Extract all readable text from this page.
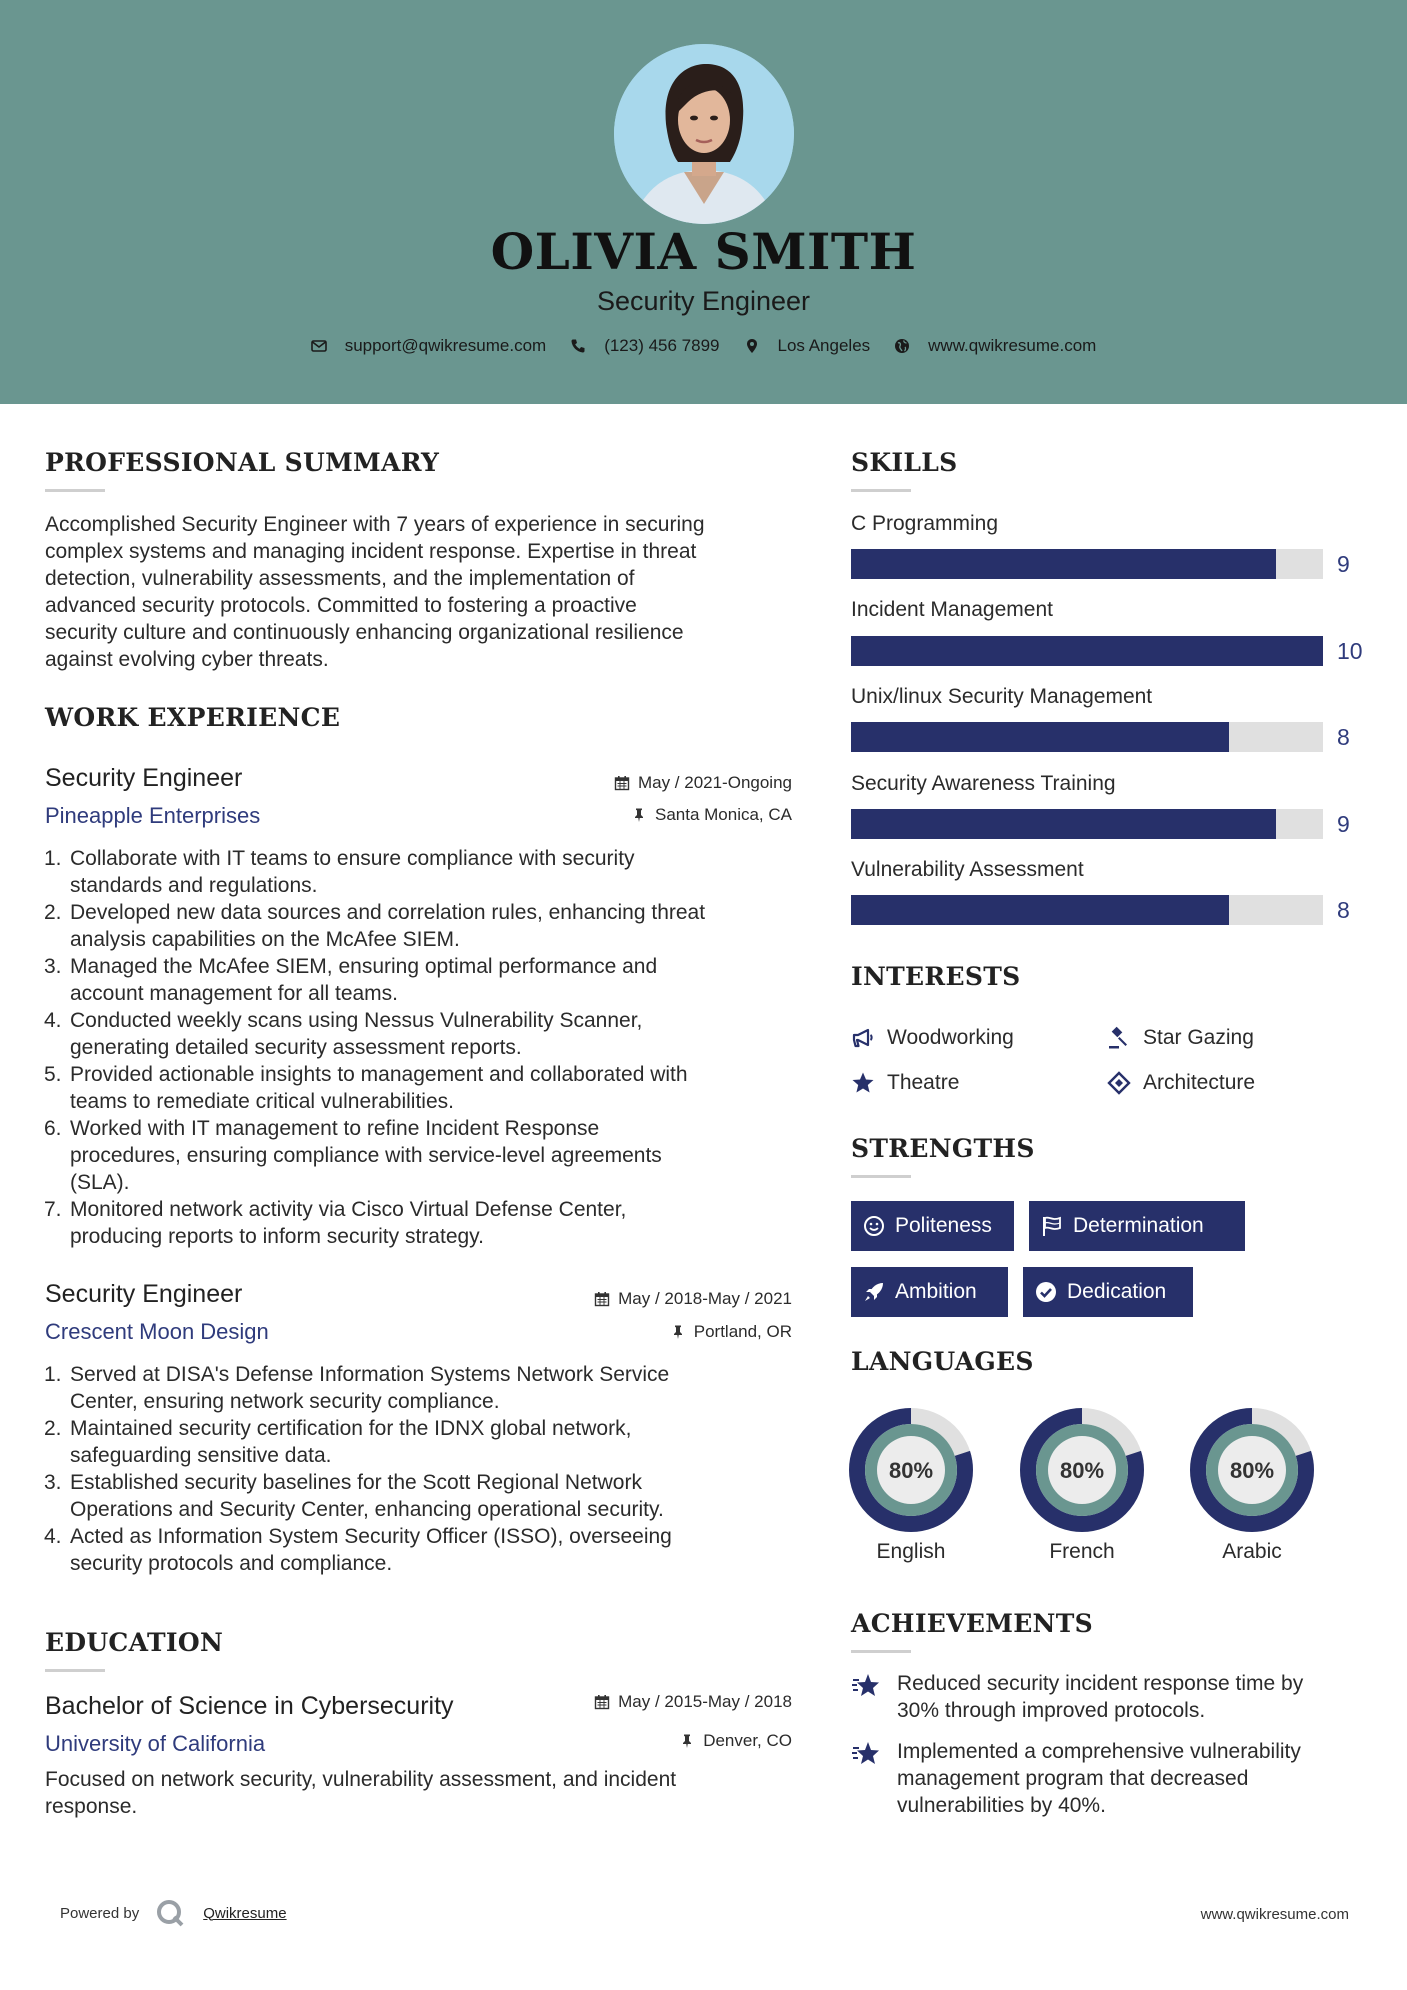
OLIVIA SMITH
Security Engineer
support@qwikresume.com	(123) 456 7899	Los Angeles	www.qwikresume.com
PROFESSIONAL SUMMARY
Accomplished Security Engineer with 7 years of experience in securing
complex systems and managing incident response. Expertise in threat
detection, vulnerability assessments, and the implementation of
advanced security protocols. Committed to fostering a proactive
security culture and continuously enhancing organizational resilience
against evolving cyber threats.
WORK EXPERIENCE
Security Engineer	May / 2021-Ongoing
Pineapple Enterprises	Santa Monica, CA
1. Collaborate with IT teams to ensure compliance with security
standards and regulations.
2. Developed new data sources and correlation rules, enhancing threat
analysis capabilities on the McAfee SIEM.
3. Managed the McAfee SIEM, ensuring optimal performance and
account management for all teams.
4. Conducted weekly scans using Nessus Vulnerability Scanner,
generating detailed security assessment reports.
5. Provided actionable insights to management and collaborated with
teams to remediate critical vulnerabilities.
6. Worked with IT management to refine Incident Response
procedures, ensuring compliance with service-level agreements
(SLA).
7. Monitored network activity via Cisco Virtual Defense Center,
producing reports to inform security strategy.
Security Engineer	May / 2018-May / 2021
Crescent Moon Design	Portland, OR
1. Served at DISA's Defense Information Systems Network Service
Center, ensuring network security compliance.
2. Maintained security certification for the IDNX global network,
safeguarding sensitive data.
3. Established security baselines for the Scott Regional Network
Operations and Security Center, enhancing operational security.
4. Acted as Information System Security Officer (ISSO), overseeing
security protocols and compliance.
EDUCATION
Bachelor of Science in Cybersecurity	May / 2015-May / 2018
University of California	Denver, CO
Focused on network security, vulnerability assessment, and incident
response.
SKILLS
C Programming
9
Incident Management
10
Unix/linux Security Management
8
Security Awareness Training
9
Vulnerability Assessment
8
INTERESTS
Woodworking	Star Gazing
Theatre	Architecture
STRENGTHS
Politeness	Determination
Ambition	Dedication
LANGUAGES
80%
English
80%
French
80%
Arabic
ACHIEVEMENTS
Reduced security incident response time by
30% through improved protocols.
Implemented a comprehensive vulnerability
management program that decreased
vulnerabilities by 40%.
Powered by	Qwikresume	www.qwikresume.com
